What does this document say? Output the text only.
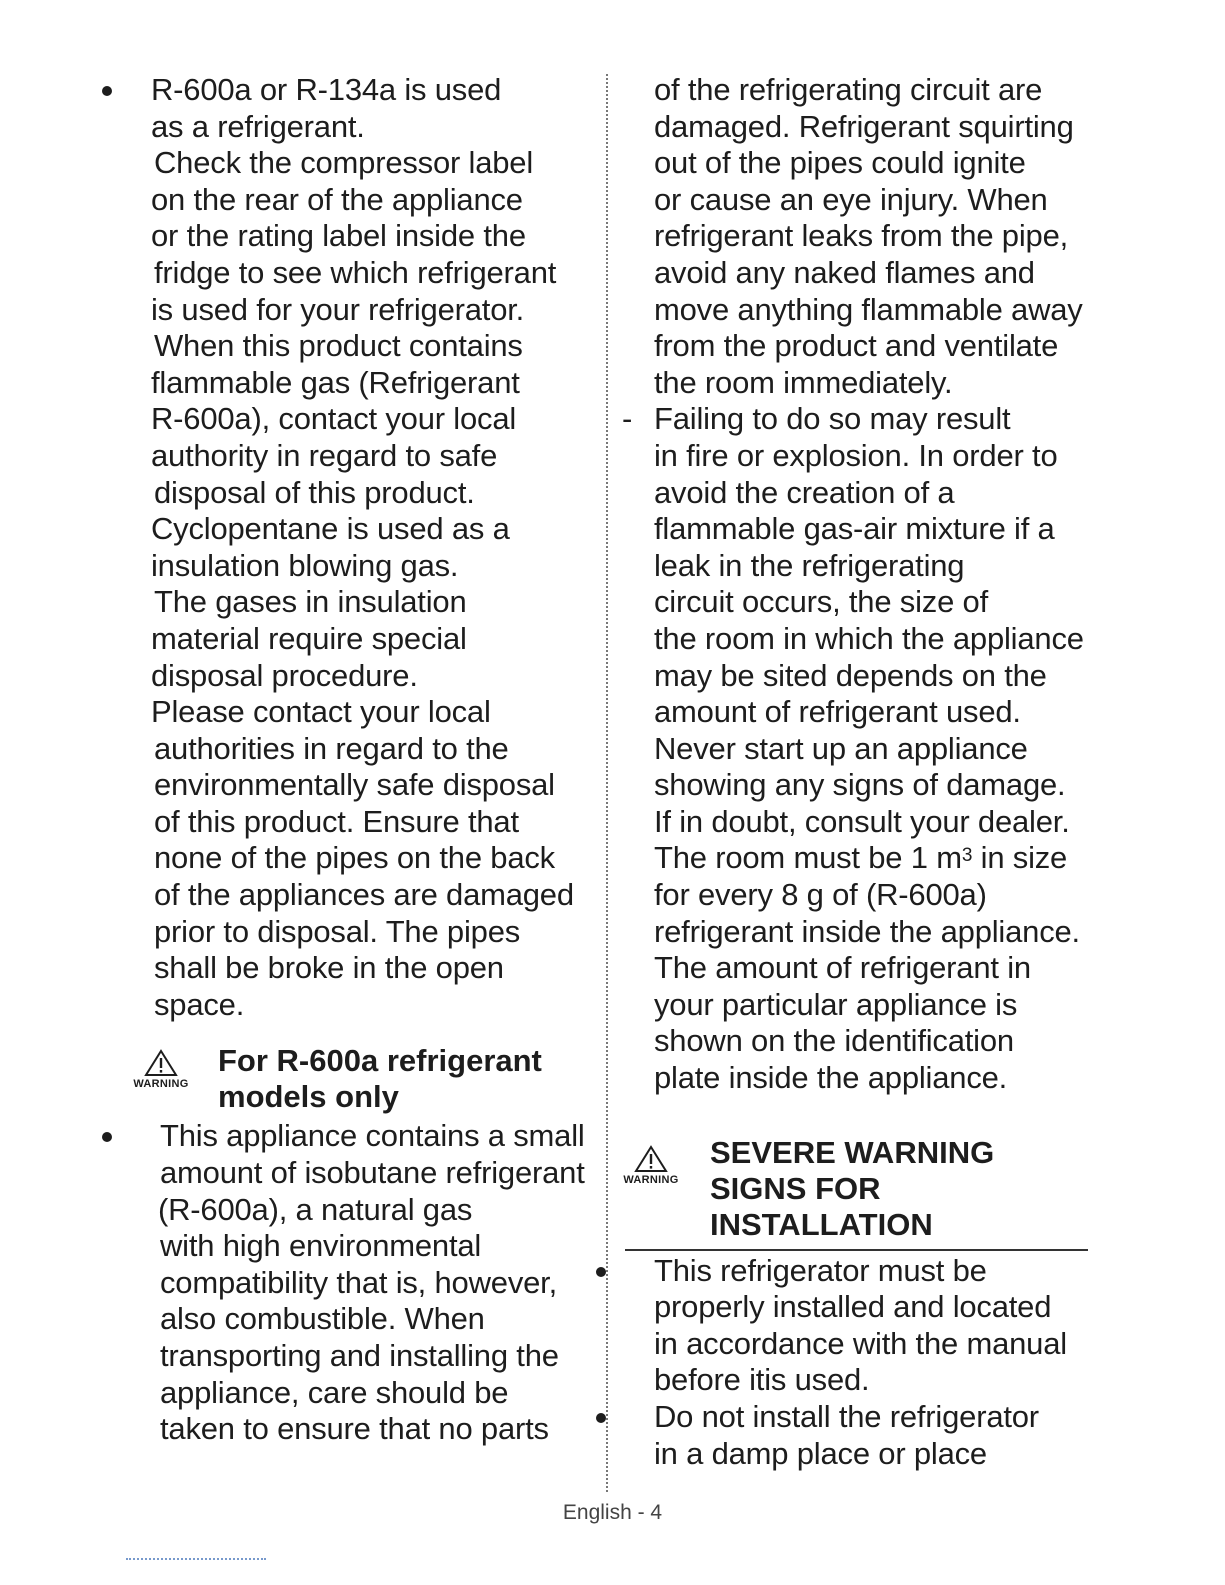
R-600a or R-134a is used
as a refrigerant.
Check the compressor label
on the rear of the appliance
or the rating label inside the
fridge to see which refrigerant
is used for your refrigerator.
When this product contains
flammable gas (Refrigerant
R-600a), contact your local
authority in regard to safe
disposal of this product.
Cyclopentane is used as a
insulation blowing gas.
The gases in insulation
material require special
disposal procedure.
Please contact your local
authorities in regard to the
environmentally safe disposal
of this product. Ensure that
none of the pipes on the back
of the appliances are damaged
prior to disposal. The pipes
shall be broke in the open
space.
WARNING
For R-600a refrigerant
models only
This appliance contains a small
amount of isobutane refrigerant
(R-600a), a natural gas
with high environmental
compatibility that is, however,
also combustible. When
transporting and installing the
appliance, care should be
taken to ensure that no parts
of the refrigerating circuit are
damaged. Refrigerant squirting
out of the pipes could ignite
or cause an eye injury. When
refrigerant leaks from the pipe,
avoid any naked flames and
move anything flammable away
from the product and ventilate
the room immediately.
- Failing to do so may result
in fire or explosion. In order to
avoid the creation of a
flammable gas-air mixture if a
leak in the refrigerating
circuit occurs, the size of
the room in which the appliance
may be sited depends on the
amount of refrigerant used.
Never start up an appliance
showing any signs of damage.
If in doubt, consult your dealer.
The room must be 1 $m^3$ in size
for every 8 g of (R-600a)
refrigerant inside the appliance.
The amount of refrigerant in
your particular appliance is
shown on the identification
plate inside the appliance.
WARNING
SEVERE WARNING
SIGNS FOR
INSTALLATION
This refrigerator must be
properly installed and located
in accordance with the manual
before itis used.
Do not install the refrigerator
in a damp place or place
English - 4
